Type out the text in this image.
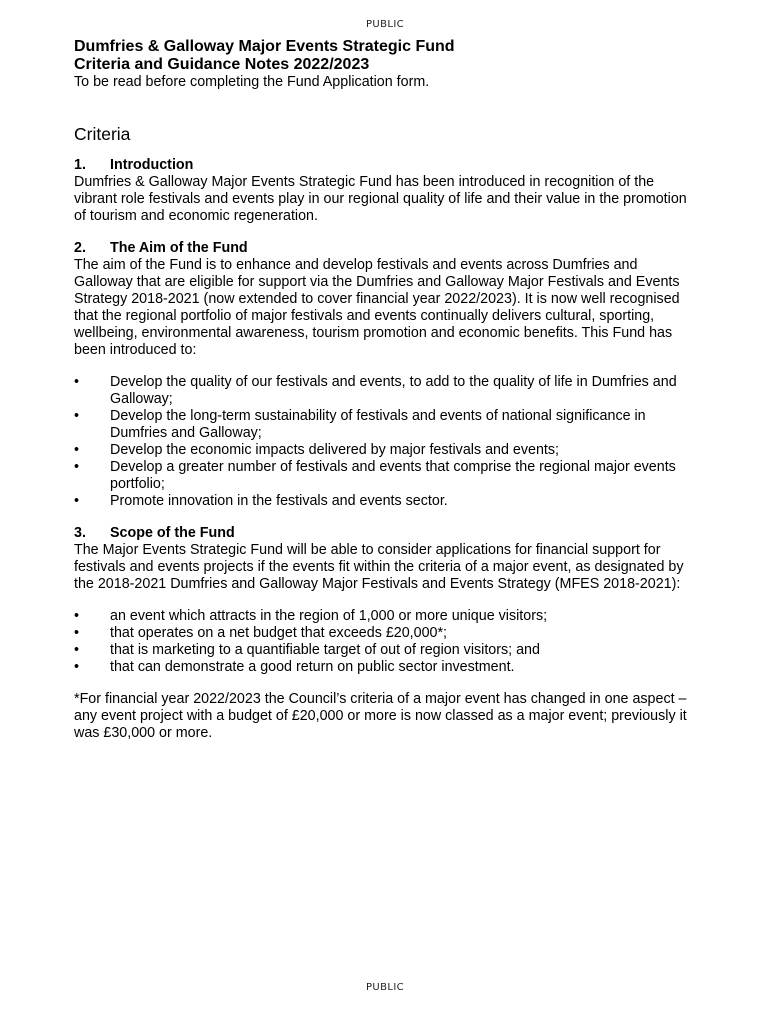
PUBLIC
Dumfries & Galloway Major Events Strategic Fund
Criteria and Guidance Notes 2022/2023

To be read before completing the Fund Application form.

Criteria
1.	Introduction

Dumfries & Galloway Major Events Strategic Fund has been introduced in recognition of the vibrant role festivals and events play in our regional quality of life and their value in the promotion of tourism and economic regeneration.

2.	The Aim of the Fund

The aim of the Fund is to enhance and develop festivals and events across Dumfries and Galloway that are eligible for support via the Dumfries and Galloway Major Festivals and Events Strategy 2018-2021 (now extended to cover financial year 2022/2023). It is now well recognised that the regional portfolio of major festivals and events continually delivers cultural, sporting, wellbeing, environmental awareness, tourism promotion and economic benefits. This Fund has been introduced to:

• Develop the quality of our festivals and events, to add to the quality of life in Dumfries and Galloway;
• Develop the long-term sustainability of festivals and events of national significance in Dumfries and Galloway;
• Develop the economic impacts delivered by major festivals and events;
• Develop a greater number of festivals and events that comprise the regional major events portfolio;
• Promote innovation in the festivals and events sector.
3.	Scope of the Fund

The Major Events Strategic Fund will be able to consider applications for financial support for festivals and events projects if the events fit within the criteria of a major event, as designated by the 2018-2021 Dumfries and Galloway Major Festivals and Events Strategy (MFES 2018-2021):

• an event which attracts in the region of 1,000 or more unique visitors;
• that operates on a net budget that exceeds £20,000*;
• that is marketing to a quantifiable target of out of region visitors; and
• that can demonstrate a good return on public sector investment.

*For financial year 2022/2023 the Council’s criteria of a major event has changed in one aspect – any event project with a budget of £20,000 or more is now classed as a major event; previously it was £30,000 or more.

PUBLIC
